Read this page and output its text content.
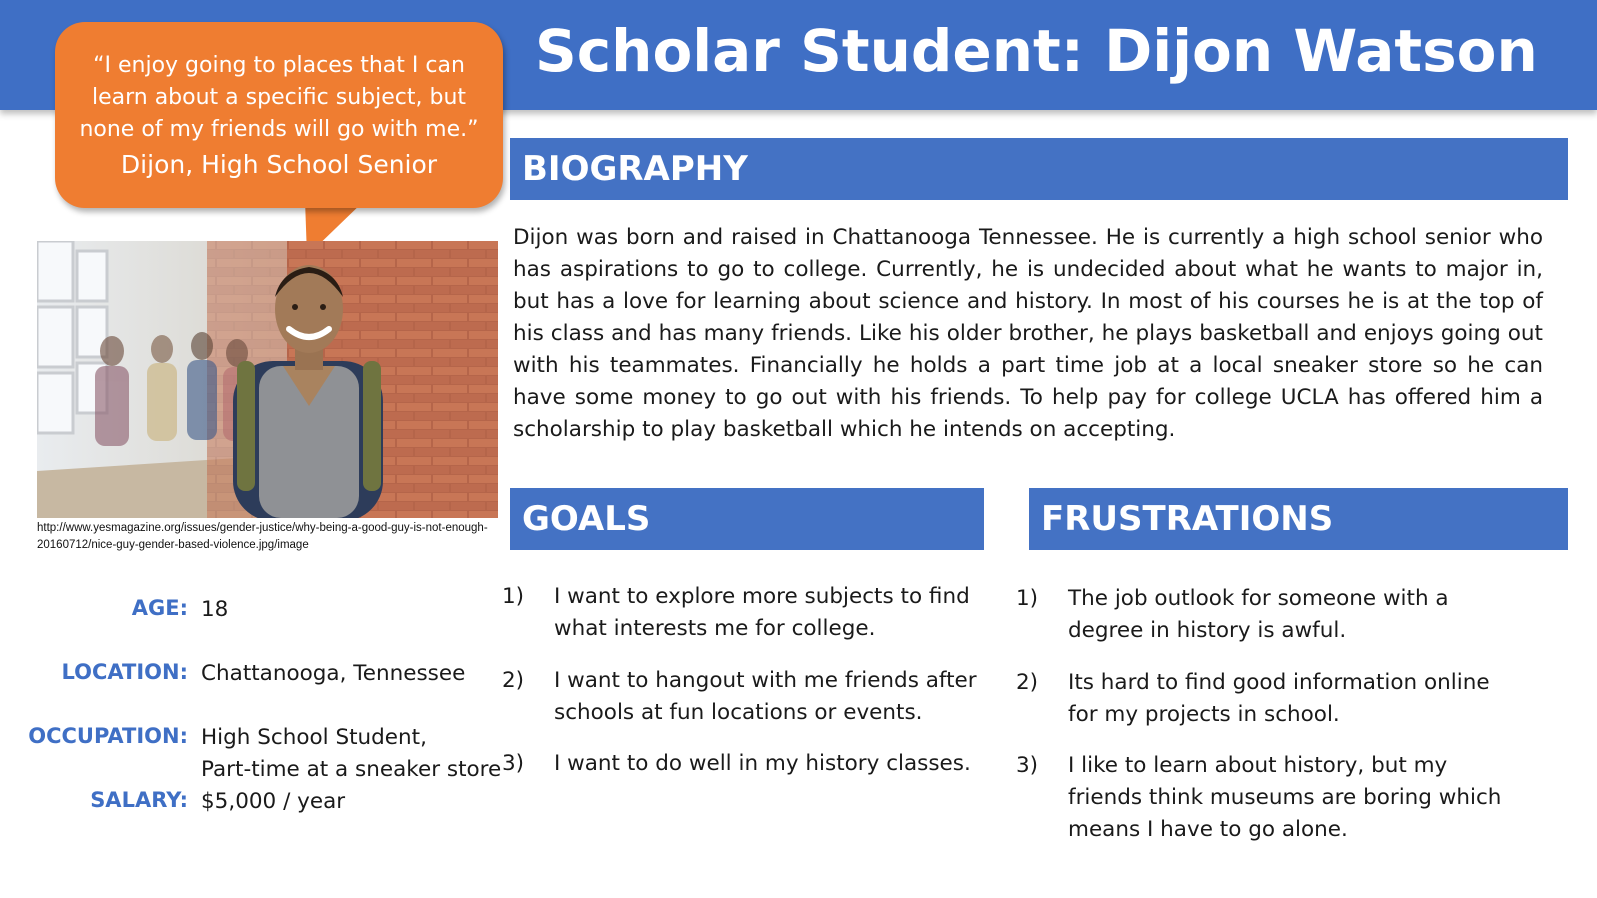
Scholar Student: Dijon Watson
“I enjoy going to places that I can learn about a specific subject, but none of my friends will go with me.”
Dijon, High School Senior
http://www.yesmagazine.org/issues/gender-justice/why-being-a-good-guy-is-not-enough-20160712/nice-guy-gender-based-violence.jpg/image
AGE: 18
LOCATION: Chattanooga, Tennessee
OCCUPATION: High School Student,
Part-time at a sneaker store
SALARY: $5,000 / year
BIOGRAPHY
Dijon was born and raised in Chattanooga Tennessee. He is currently a high school senior who has aspirations to go to college. Currently, he is undecided about what he wants to major in, but has a love for learning about science and history. In most of his courses he is at the top of his class and has many friends. Like his older brother, he plays basketball and enjoys going out with his teammates. Financially he holds a part time job at a local sneaker store so he can have some money to go out with his friends. To help pay for college UCLA has offered him a scholarship to play basketball which he intends on accepting.
GOALS
1) I want to explore more subjects to find what interests me for college.
2) I want to hangout with me friends after schools at fun locations or events.
3) I want to do well in my history classes.
FRUSTRATIONS
1) The job outlook for someone with a degree in history is awful.
2) Its hard to find good information online for my projects in school.
3) I like to learn about history, but my friends think museums are boring which means I have to go alone.
